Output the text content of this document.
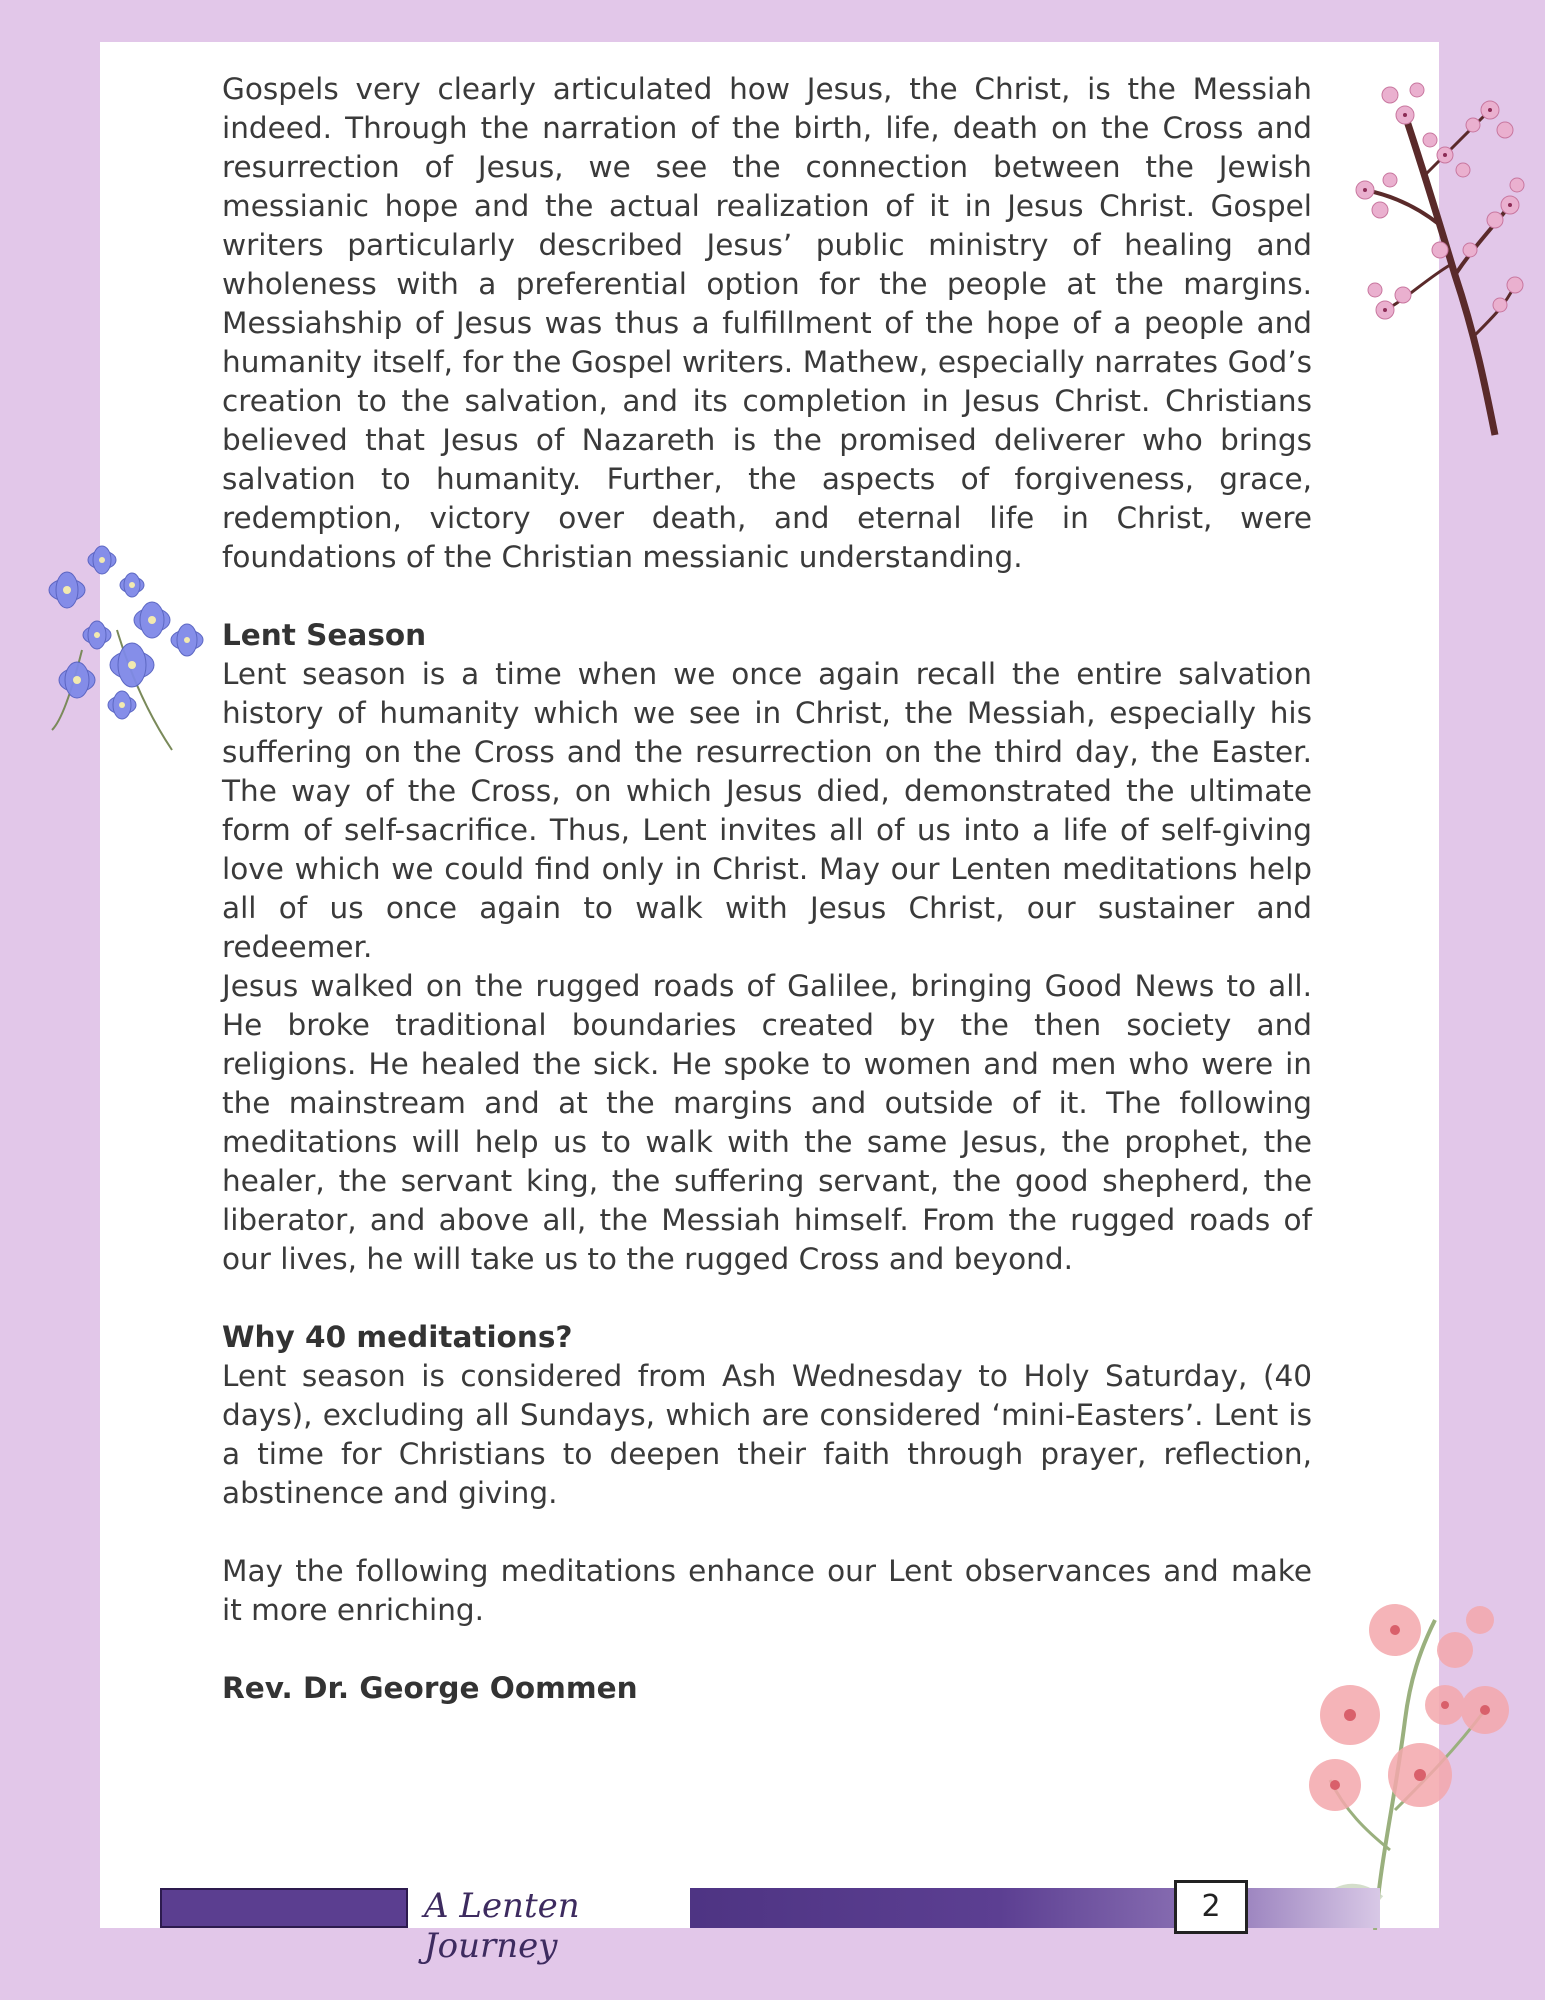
Gospels very clearly articulated how Jesus, the Christ, is the Messiah indeed. Through the narration of the birth, life, death on the Cross and resurrection of Jesus, we see the connection between the Jewish messianic hope and the actual realization of it in Jesus Christ. Gospel writers particularly described Jesus’ public ministry of healing and wholeness with a preferential option for the people at the margins. Messiahship of Jesus was thus a fulfillment of the hope of a people and humanity itself, for the Gospel writers. Mathew, especially narrates God’s creation to the salvation, and its completion in Jesus Christ. Christians believed that Jesus of Nazareth is the promised deliverer who brings salvation to humanity. Further, the aspects of forgiveness, grace, redemption, victory over death, and eternal life in Christ, were foundations of the Christian messianic understanding.

Lent Season

Lent season is a time when we once again recall the entire salvation history of humanity which we see in Christ, the Messiah, especially his suffering on the Cross and the resurrection on the third day, the Easter. The way of the Cross, on which Jesus died, demonstrated the ultimate form of self-sacrifice. Thus, Lent invites all of us into a life of self-giving love which we could find only in Christ. May our Lenten meditations help all of us once again to walk with Jesus Christ, our sustainer and redeemer.

Jesus walked on the rugged roads of Galilee, bringing Good News to all. He broke traditional boundaries created by the then society and religions. He healed the sick. He spoke to women and men who were in the mainstream and at the margins and outside of it. The following meditations will help us to walk with the same Jesus, the prophet, the healer, the servant king, the suffering servant, the good shepherd, the liberator, and above all, the Messiah himself. From the rugged roads of our lives, he will take us to the rugged Cross and beyond.

Why 40 meditations?

Lent season is considered from Ash Wednesday to Holy Saturday, (40 days), excluding all Sundays, which are considered ‘mini-Easters’. Lent is a time for Christians to deepen their faith through prayer, reflection, abstinence and giving.

May the following meditations enhance our Lent observances and make it more enriching.

Rev. Dr. George Oommen

A Lenten Journey
2
